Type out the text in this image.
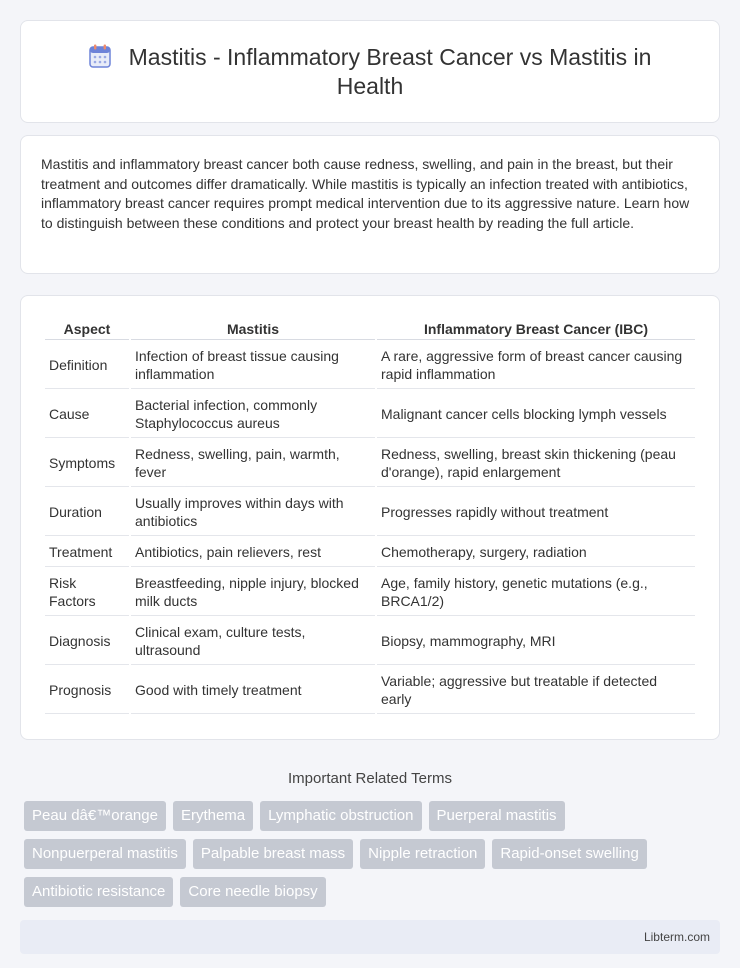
Mastitis - Inflammatory Breast Cancer vs Mastitis in Health

Mastitis and inflammatory breast cancer both cause redness, swelling, and pain in the breast, but their treatment and outcomes differ dramatically. While mastitis is typically an infection treated with antibiotics, inflammatory breast cancer requires prompt medical intervention due to its aggressive nature. Learn how to distinguish between these conditions and protect your breast health by reading the full article.

Aspect	Mastitis	Inflammatory Breast Cancer (IBC)
Definition	Infection of breast tissue causing inflammation	A rare, aggressive form of breast cancer causing rapid inflammation
Cause	Bacterial infection, commonly Staphylococcus aureus	Malignant cancer cells blocking lymph vessels
Symptoms	Redness, swelling, pain, warmth, fever	Redness, swelling, breast skin thickening (peau d'orange), rapid enlargement
Duration	Usually improves within days with antibiotics	Progresses rapidly without treatment
Treatment	Antibiotics, pain relievers, rest	Chemotherapy, surgery, radiation
Risk Factors	Breastfeeding, nipple injury, blocked milk ducts	Age, family history, genetic mutations (e.g., BRCA1/2)
Diagnosis	Clinical exam, culture tests, ultrasound	Biopsy, mammography, MRI
Prognosis	Good with timely treatment	Variable; aggressive but treatable if detected early
Important Related Terms
Peau dâ€™orange	Erythema	Lymphatic obstruction	Puerperal mastitis
Nonpuerperal mastitis	Palpable breast mass	Nipple retraction	Rapid-onset swelling
Antibiotic resistance	Core needle biopsy
Libterm.com
